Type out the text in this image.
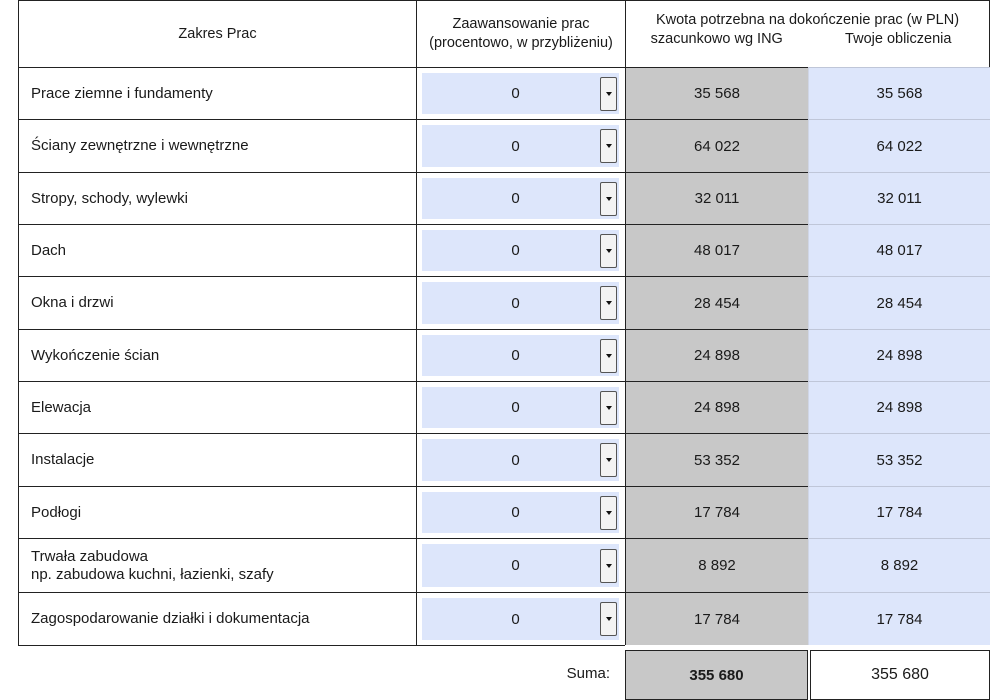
Zakres Prac
Zaawansowanie prac
(procentowo, w przybliżeniu)
Kwota potrzebna na dokończenie prac (w PLN)
szacunkowo wg ING	Twoje obliczenia
Prace ziemne i fundamenty	0	35 568	35 568
Ściany zewnętrzne i wewnętrzne	0	64 022	64 022
Stropy, schody, wylewki	0	32 011	32 011
Dach	0	48 017	48 017
Okna i drzwi	0	28 454	28 454
Wykończenie ścian	0	24 898	24 898
Elewacja	0	24 898	24 898
Instalacje	0	53 352	53 352
Podłogi	0	17 784	17 784
Trwała zabudowa
np. zabudowa kuchni, łazienki, szafy	0	8 892	8 892
Zagospodarowanie działki i dokumentacja	0	17 784	17 784
Suma:	355 680	355 680
